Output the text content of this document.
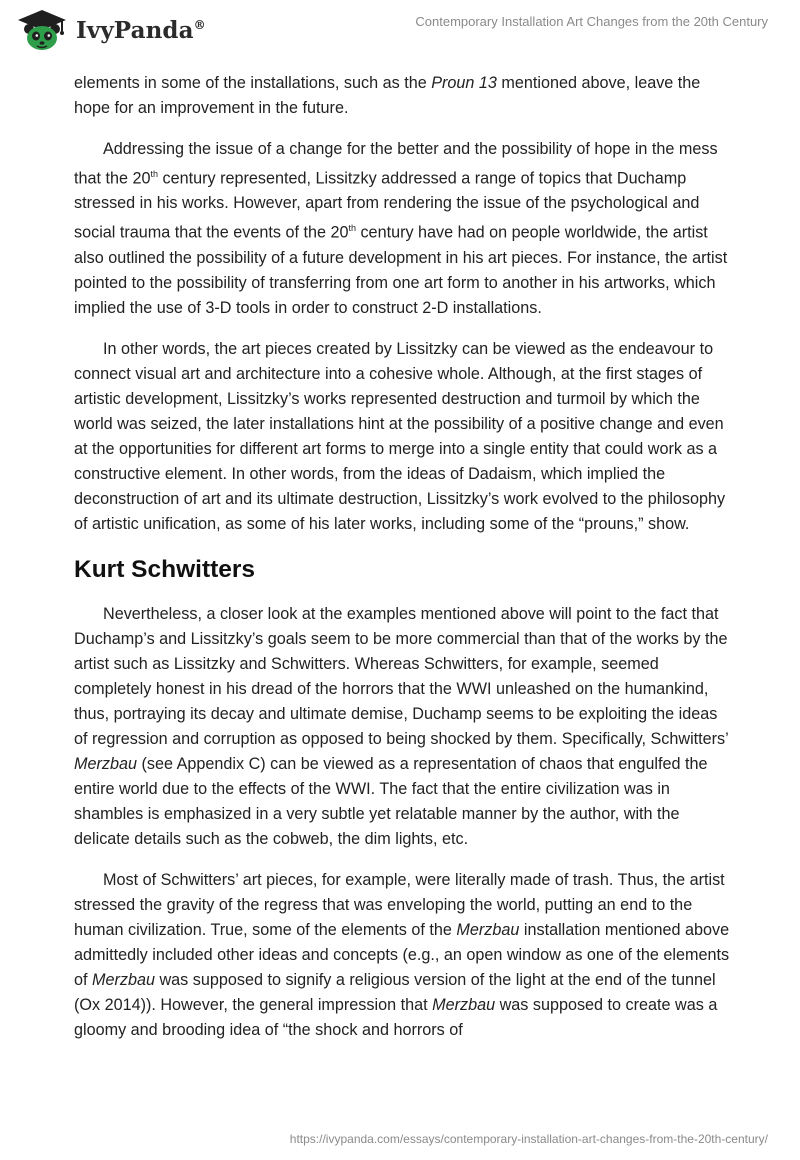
IvyPanda®	Contemporary Installation Art Changes from the 20th Century

elements in some of the installations, such as the Proun 13 mentioned above, leave the hope for an improvement in the future.

Addressing the issue of a change for the better and the possibility of hope in the mess that the 20th century represented, Lissitzky addressed a range of topics that Duchamp stressed in his works. However, apart from rendering the issue of the psychological and social trauma that the events of the 20th century have had on people worldwide, the artist also outlined the possibility of a future development in his art pieces. For instance, the artist pointed to the possibility of transferring from one art form to another in his artworks, which implied the use of 3-D tools in order to construct 2-D installations.

In other words, the art pieces created by Lissitzky can be viewed as the endeavour to connect visual art and architecture into a cohesive whole. Although, at the first stages of artistic development, Lissitzky’s works represented destruction and turmoil by which the world was seized, the later installations hint at the possibility of a positive change and even at the opportunities for different art forms to merge into a single entity that could work as a constructive element. In other words, from the ideas of Dadaism, which implied the deconstruction of art and its ultimate destruction, Lissitzky’s work evolved to the philosophy of artistic unification, as some of his later works, including some of the “prouns,” show.

Kurt Schwitters

Nevertheless, a closer look at the examples mentioned above will point to the fact that Duchamp’s and Lissitzky’s goals seem to be more commercial than that of the works by the artist such as Lissitzky and Schwitters. Whereas Schwitters, for example, seemed completely honest in his dread of the horrors that the WWI unleashed on the humankind, thus, portraying its decay and ultimate demise, Duchamp seems to be exploiting the ideas of regression and corruption as opposed to being shocked by them. Specifically, Schwitters’ Merzbau (see Appendix C) can be viewed as a representation of chaos that engulfed the entire world due to the effects of the WWI. The fact that the entire civilization was in shambles is emphasized in a very subtle yet relatable manner by the author, with the delicate details such as the cobweb, the dim lights, etc.

Most of Schwitters’ art pieces, for example, were literally made of trash. Thus, the artist stressed the gravity of the regress that was enveloping the world, putting an end to the human civilization. True, some of the elements of the Merzbau installation mentioned above admittedly included other ideas and concepts (e.g., an open window as one of the elements of Merzbau was supposed to signify a religious version of the light at the end of the tunnel (Ox 2014)). However, the general impression that Merzbau was supposed to create was a gloomy and brooding idea of “the shock and horrors of

https://ivypanda.com/essays/contemporary-installation-art-changes-from-the-20th-century/
